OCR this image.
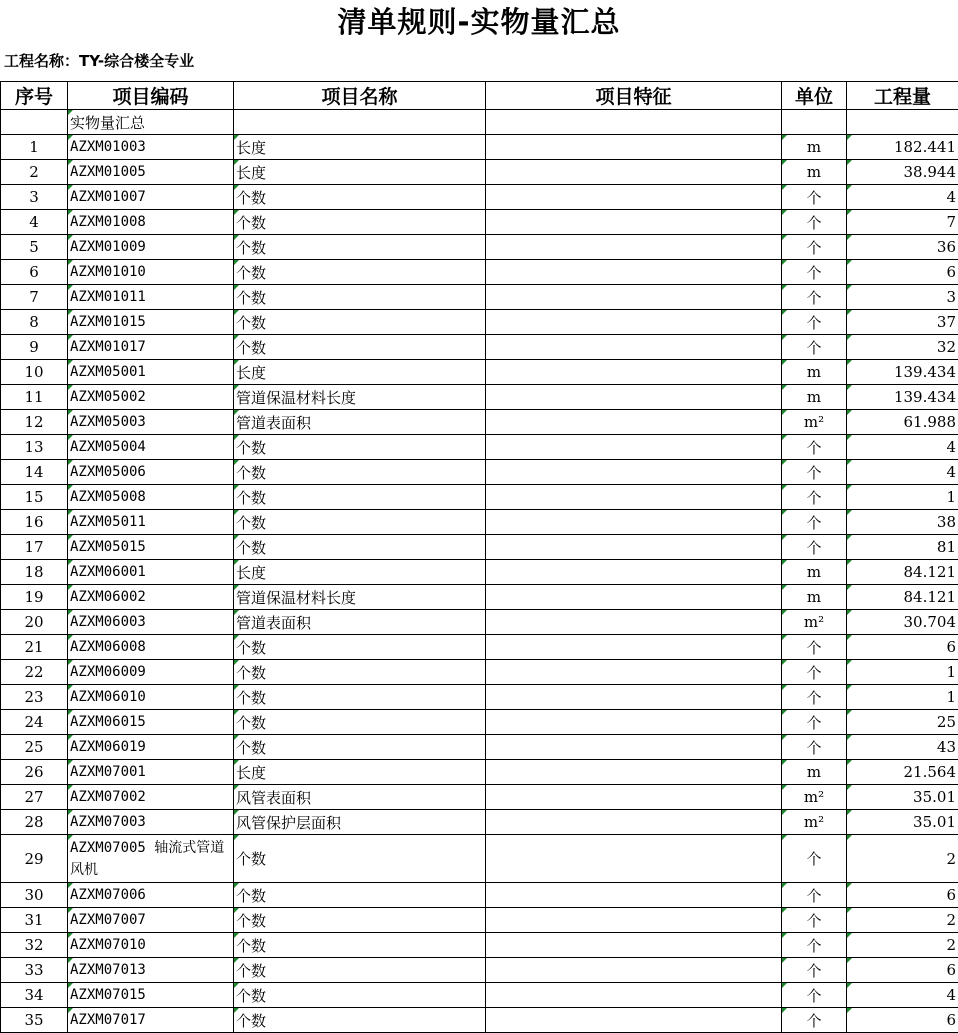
清单规则-实物量汇总
工程名称：TY-综合楼全专业
序号	项目编码	项目名称	项目特征	单位	工程量
	实物量汇总				
1	AZXM01003	长度		m	182.441
2	AZXM01005	长度		m	38.944
3	AZXM01007	个数		个	4
4	AZXM01008	个数		个	7
5	AZXM01009	个数		个	36
6	AZXM01010	个数		个	6
7	AZXM01011	个数		个	3
8	AZXM01015	个数		个	37
9	AZXM01017	个数		个	32
10	AZXM05001	长度		m	139.434
11	AZXM05002	管道保温材料长度		m	139.434
12	AZXM05003	管道表面积		m²	61.988
13	AZXM05004	个数		个	4
14	AZXM05006	个数		个	4
15	AZXM05008	个数		个	1
16	AZXM05011	个数		个	38
17	AZXM05015	个数		个	81
18	AZXM06001	长度		m	84.121
19	AZXM06002	管道保温材料长度		m	84.121
20	AZXM06003	管道表面积		m²	30.704
21	AZXM06008	个数		个	6
22	AZXM06009	个数		个	1
23	AZXM06010	个数		个	1
24	AZXM06015	个数		个	25
25	AZXM06019	个数		个	43
26	AZXM07001	长度		m	21.564
27	AZXM07002	风管表面积		m²	35.01
28	AZXM07003	风管保护层面积		m²	35.01
29	AZXM07005 轴流式管道风机	个数		个	2
30	AZXM07006	个数		个	6
31	AZXM07007	个数		个	2
32	AZXM07010	个数		个	2
33	AZXM07013	个数		个	6
34	AZXM07015	个数		个	4
35	AZXM07017	个数		个	6
